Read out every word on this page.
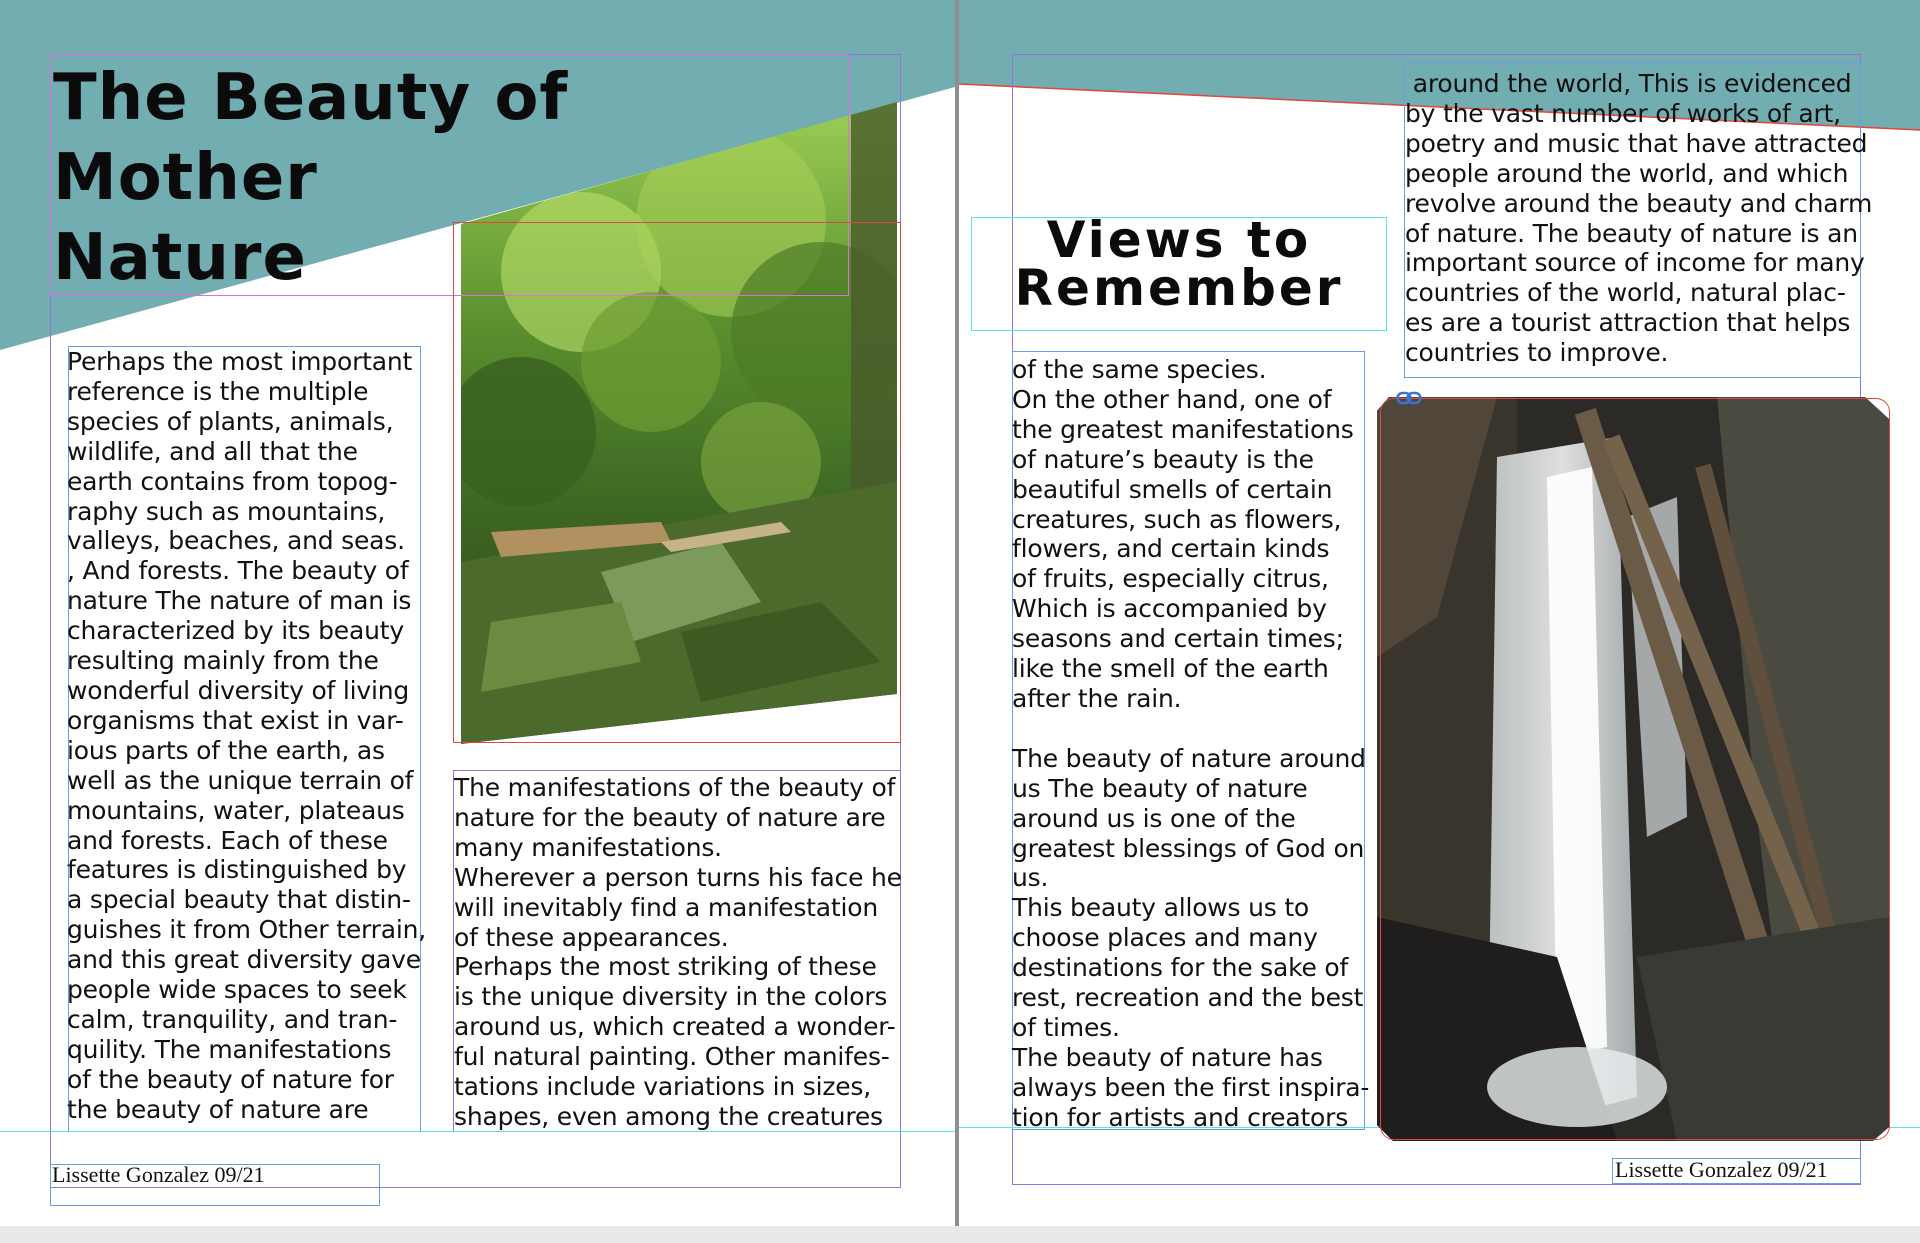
The Beauty of Mother
Nature
Perhaps the most important
reference is the multiple
species of plants, animals,
wildlife, and all that the
earth contains from topog-
raphy such as mountains,
valleys, beaches, and seas.
, And forests. The beauty of
nature The nature of man is
characterized by its beauty
resulting mainly from the
wonderful diversity of living
organisms that exist in var-
ious parts of the earth, as
well as the unique terrain of
mountains, water, plateaus
and forests. Each of these
features is distinguished by
a special beauty that distin-
guishes it from Other terrain,
and this great diversity gave
people wide spaces to seek
calm, tranquility, and tran-
quility. The manifestations
of the beauty of nature for
the beauty of nature are
The manifestations of the beauty of
nature for the beauty of nature are
many manifestations.
Wherever a person turns his face he
will inevitably find a manifestation
of these appearances.
Perhaps the most striking of these
is the unique diversity in the colors
around us, which created a wonder-
ful natural painting. Other manifes-
tations include variations in sizes,
shapes, even among the creatures
Lissette Gonzalez 09/21
Views to
Remember
around the world, This is evidenced
by the vast number of works of art,
poetry and music that have attracted
people around the world, and which
revolve around the beauty and charm
of nature. The beauty of nature is an
important source of income for many
countries of the world, natural plac-
es are a tourist attraction that helps
countries to improve.
of the same species.
On the other hand, one of
the greatest manifestations
of nature’s beauty is the
beautiful smells of certain
creatures, such as flowers,
flowers, and certain kinds
of fruits, especially citrus,
Which is accompanied by
seasons and certain times;
like the smell of the earth
after the rain.

The beauty of nature around
us The beauty of nature
around us is one of the
greatest blessings of God on
us.
This beauty allows us to
choose places and many
destinations for the sake of
rest, recreation and the best
of times.
The beauty of nature has
always been the first inspira-
tion for artists and creators
Lissette Gonzalez 09/21
